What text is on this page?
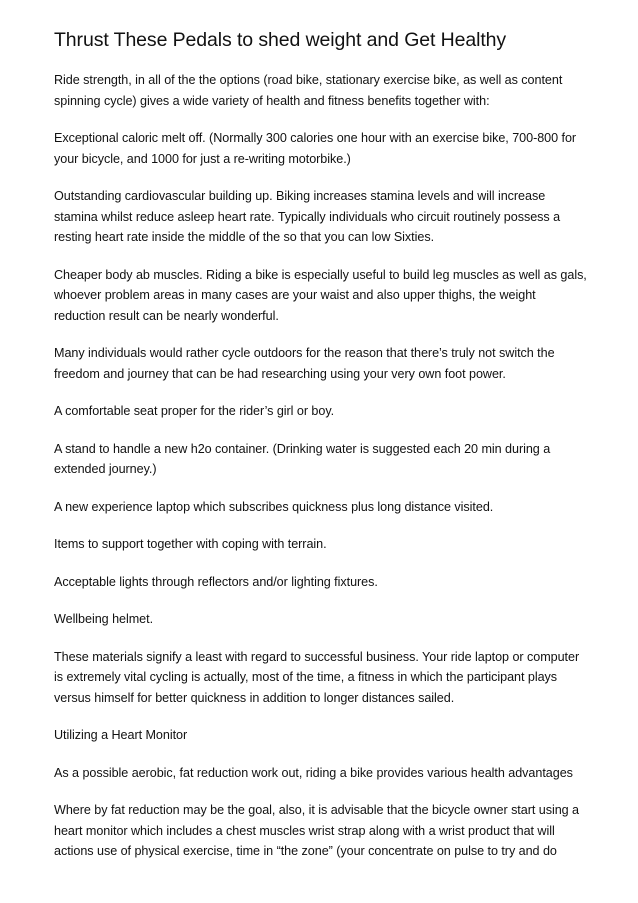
Thrust These Pedals to shed weight and Get Healthy

Ride strength, in all of the the options (road bike, stationary exercise bike, as well as content spinning cycle) gives a wide variety of health and fitness benefits together with:

Exceptional caloric melt off. (Normally 300 calories one hour with an exercise bike, 700-800 for your bicycle, and 1000 for just a re-writing motorbike.)

Outstanding cardiovascular building up. Biking increases stamina levels and will increase stamina whilst reduce asleep heart rate. Typically individuals who circuit routinely possess a resting heart rate inside the middle of the so that you can low Sixties.

Cheaper body ab muscles. Riding a bike is especially useful to build leg muscles as well as gals, whoever problem areas in many cases are your waist and also upper thighs, the weight reduction result can be nearly wonderful.

Many individuals would rather cycle outdoors for the reason that there’s truly not switch the freedom and journey that can be had researching using your very own foot power.

A comfortable seat proper for the rider’s girl or boy.

A stand to handle a new h2o container. (Drinking water is suggested each 20 min during a extended journey.)

A new experience laptop which subscribes quickness plus long distance visited.

Items to support together with coping with terrain.

Acceptable lights through reflectors and/or lighting fixtures.

Wellbeing helmet.

These materials signify a least with regard to successful business. Your ride laptop or computer is extremely vital cycling is actually, most of the time, a fitness in which the participant plays versus himself for better quickness in addition to longer distances sailed.

Utilizing a Heart Monitor

As a possible aerobic, fat reduction work out, riding a bike provides various health advantages

Where by fat reduction may be the goal, also, it is advisable that the bicycle owner start using a heart monitor which includes a chest muscles wrist strap along with a wrist product that will actions use of physical exercise, time in “the zone” (your concentrate on pulse to try and do
